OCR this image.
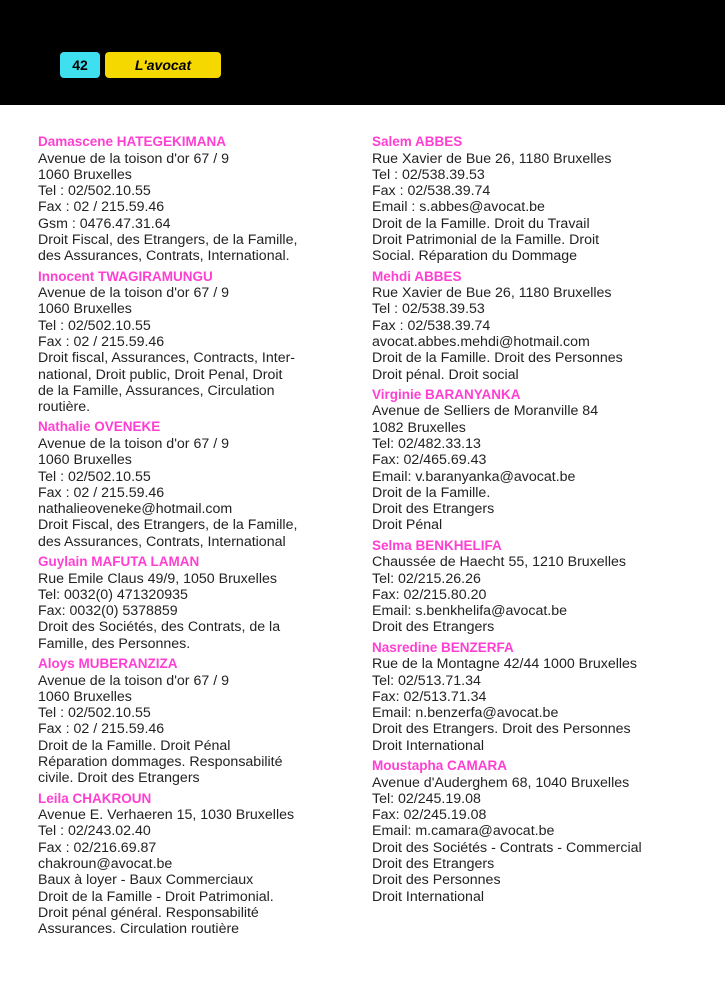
42	L'avocat
Damascene HATEGEKIMANA
Avenue de la toison d'or 67 / 9
1060 Bruxelles
Tel : 02/502.10.55
Fax : 02 / 215.59.46
Gsm : 0476.47.31.64
Droit Fiscal, des Etrangers, de la Famille,
des Assurances, Contrats, International.
Innocent TWAGIRAMUNGU
Avenue de la toison d'or 67 / 9
1060 Bruxelles
Tel : 02/502.10.55
Fax : 02 / 215.59.46
Droit fiscal, Assurances, Contracts, Inter-
national, Droit public, Droit Penal, Droit
de la Famille, Assurances, Circulation
routière.
Nathalie OVENEKE
Avenue de la toison d'or 67 / 9
1060 Bruxelles
Tel : 02/502.10.55
Fax : 02 / 215.59.46
nathalieoveneke@hotmail.com
Droit Fiscal, des Etrangers, de la Famille,
des Assurances, Contrats, International
Guylain MAFUTA LAMAN
Rue Emile Claus 49/9, 1050 Bruxelles
Tel: 0032(0) 471320935
Fax: 0032(0) 5378859
Droit des Sociétés, des Contrats, de la
Famille, des Personnes.
Aloys MUBERANZIZA
Avenue de la toison d'or 67 / 9
1060 Bruxelles
Tel : 02/502.10.55
Fax : 02 / 215.59.46
Droit de la Famille. Droit Pénal
Réparation dommages. Responsabilité
civile. Droit des Etrangers
Leila CHAKROUN
Avenue E. Verhaeren 15, 1030 Bruxelles
Tel : 02/243.02.40
Fax : 02/216.69.87
chakroun@avocat.be
Baux à loyer - Baux Commerciaux
Droit de la Famille - Droit Patrimonial.
Droit pénal général. Responsabilité
Assurances. Circulation routière
Salem ABBES
Rue Xavier de Bue 26, 1180 Bruxelles
Tel : 02/538.39.53
Fax : 02/538.39.74
Email : s.abbes@avocat.be
Droit de la Famille. Droit du Travail
Droit Patrimonial de la Famille. Droit
Social. Réparation du Dommage
Mehdi ABBES
Rue Xavier de Bue 26, 1180 Bruxelles
Tel : 02/538.39.53
Fax : 02/538.39.74
avocat.abbes.mehdi@hotmail.com
Droit de la Famille. Droit des Personnes
Droit pénal. Droit social
Virginie BARANYANKA
Avenue de Selliers de Moranville 84
1082 Bruxelles
Tel: 02/482.33.13
Fax: 02/465.69.43
Email: v.baranyanka@avocat.be
Droit de la Famille.
Droit des Etrangers
Droit Pénal
Selma BENKHELIFA
Chaussée de Haecht 55, 1210 Bruxelles
Tel: 02/215.26.26
Fax: 02/215.80.20
Email: s.benkhelifa@avocat.be
Droit des Etrangers
Nasredine BENZERFA
Rue de la Montagne 42/44 1000 Bruxelles
Tel: 02/513.71.34
Fax: 02/513.71.34
Email: n.benzerfa@avocat.be
Droit des Etrangers. Droit des Personnes
Droit International
Moustapha CAMARA
Avenue d'Auderghem 68, 1040 Bruxelles
Tel: 02/245.19.08
Fax: 02/245.19.08
Email: m.camara@avocat.be
Droit des Sociétés - Contrats - Commercial
Droit des Etrangers
Droit des Personnes
Droit International
